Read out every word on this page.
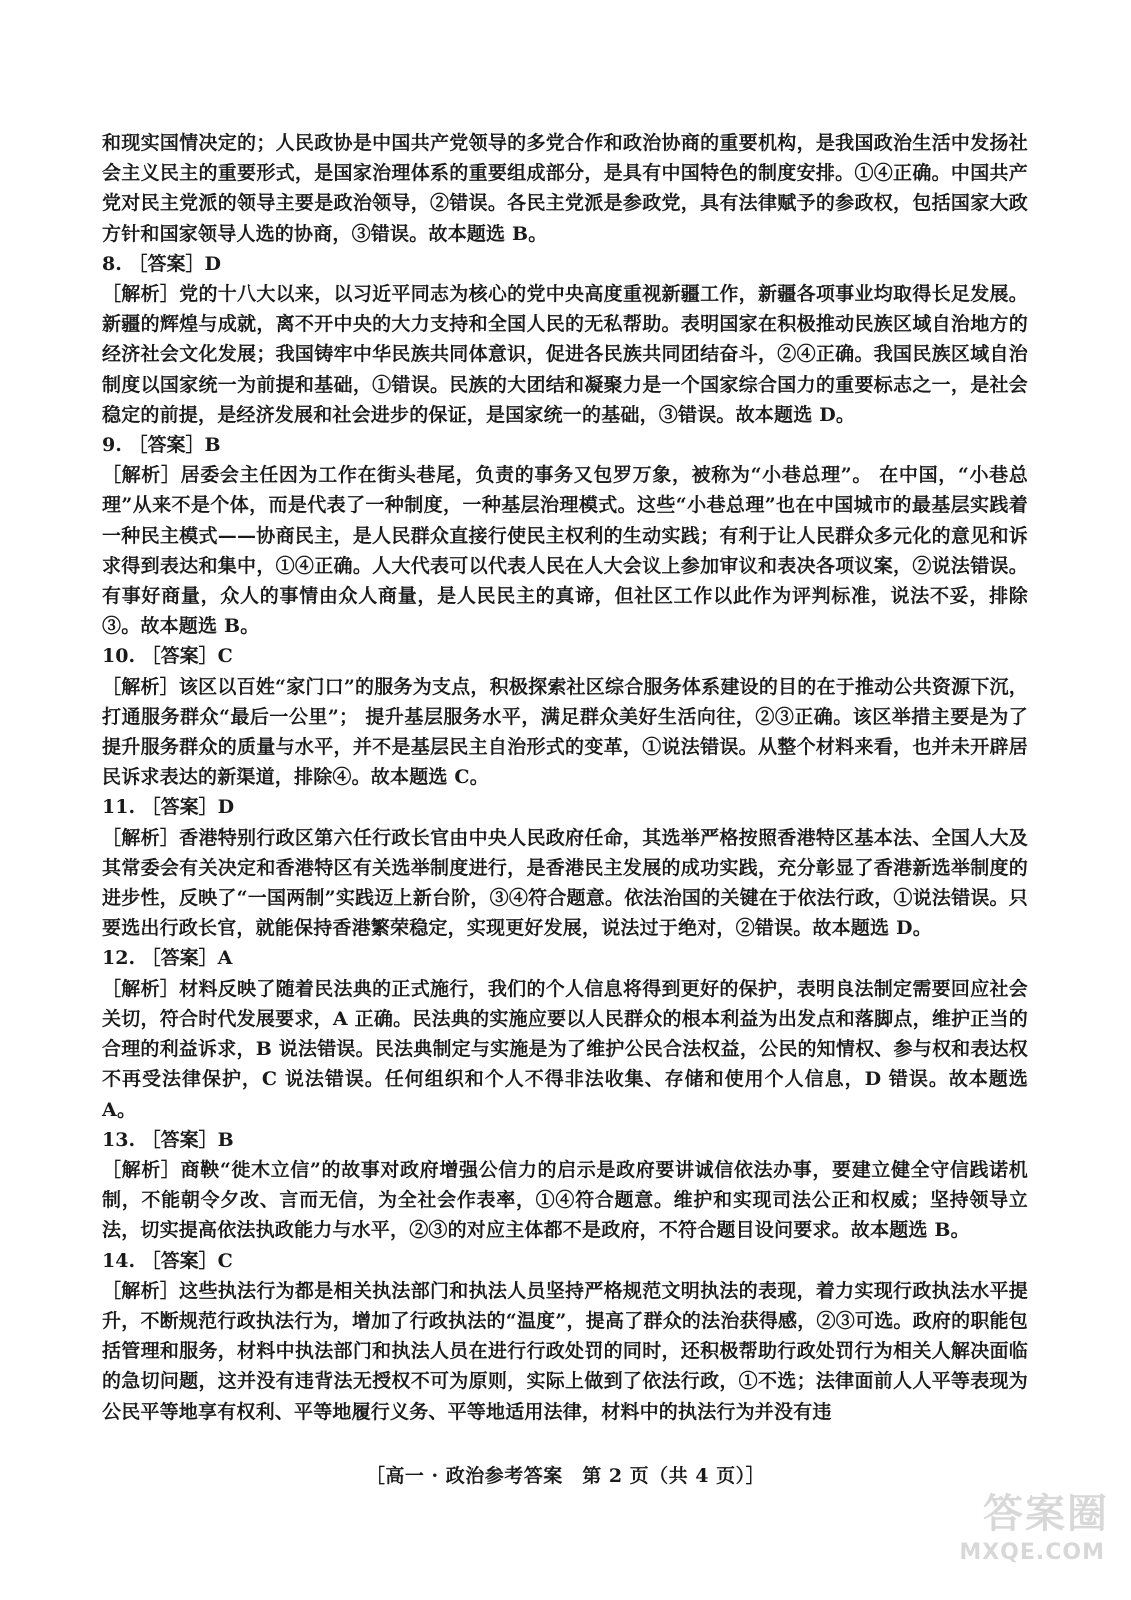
和现实国情决定的；人民政协是中国共产党领导的多党合作和政治协商的重要机构，是我国政治生活中发扬社会主义民主的重要形式，是国家治理体系的重要组成部分，是具有中国特色的制度安排。①④正确。中国共产党对民主党派的领导主要是政治领导，②错误。各民主党派是参政党，具有法律赋予的参政权，包括国家大政方针和国家领导人选的协商，③错误。故本题选 B。

8. ［答案］D

［解析］党的十八大以来，以习近平同志为核心的党中央高度重视新疆工作，新疆各项事业均取得长足发展。新疆的辉煌与成就，离不开中央的大力支持和全国人民的无私帮助。表明国家在积极推动民族区域自治地方的经济社会文化发展；我国铸牢中华民族共同体意识，促进各民族共同团结奋斗，②④正确。我国民族区域自治制度以国家统一为前提和基础，①错误。民族的大团结和凝聚力是一个国家综合国力的重要标志之一，是社会稳定的前提，是经济发展和社会进步的保证，是国家统一的基础，③错误。故本题选 D。

9. ［答案］B

［解析］居委会主任因为工作在街头巷尾，负责的事务又包罗万象，被称为“小巷总理”。 在中国，“小巷总理”从来不是个体，而是代表了一种制度，一种基层治理模式。这些“小巷总理”也在中国城市的最基层实践着一种民主模式——协商民主，是人民群众直接行使民主权利的生动实践；有利于让人民群众多元化的意见和诉求得到表达和集中，①④正确。人大代表可以代表人民在人大会议上参加审议和表决各项议案，②说法错误。有事好商量，众人的事情由众人商量，是人民民主的真谛，但社区工作以此作为评判标准，说法不妥，排除③。故本题选 B。

10. ［答案］C

［解析］该区以百姓“家门口”的服务为支点，积极探索社区综合服务体系建设的目的在于推动公共资源下沉，打通服务群众“最后一公里”； 提升基层服务水平，满足群众美好生活向往，②③正确。该区举措主要是为了提升服务群众的质量与水平，并不是基层民主自治形式的变革，①说法错误。从整个材料来看，也并未开辟居民诉求表达的新渠道，排除④。故本题选 C。

11. ［答案］D

［解析］香港特别行政区第六任行政长官由中央人民政府任命，其选举严格按照香港特区基本法、全国人大及其常委会有关决定和香港特区有关选举制度进行，是香港民主发展的成功实践，充分彰显了香港新选举制度的进步性，反映了“一国两制”实践迈上新台阶，③④符合题意。依法治国的关键在于依法行政，①说法错误。只要选出行政长官，就能保持香港繁荣稳定，实现更好发展，说法过于绝对，②错误。故本题选 D。

12. ［答案］A

［解析］材料反映了随着民法典的正式施行，我们的个人信息将得到更好的保护，表明良法制定需要回应社会关切，符合时代发展要求，A 正确。民法典的实施应要以人民群众的根本利益为出发点和落脚点，维护正当的合理的利益诉求，B 说法错误。民法典制定与实施是为了维护公民合法权益，公民的知情权、参与权和表达权不再受法律保护，C 说法错误。任何组织和个人不得非法收集、存储和使用个人信息，D 错误。故本题选 A。

13. ［答案］B

［解析］商鞅“徙木立信”的故事对政府增强公信力的启示是政府要讲诚信依法办事，要建立健全守信践诺机制，不能朝令夕改、言而无信，为全社会作表率，①④符合题意。维护和实现司法公正和权威；坚持领导立法，切实提高依法执政能力与水平，②③的对应主体都不是政府，不符合题目设问要求。故本题选 B。

14. ［答案］C

［解析］这些执法行为都是相关执法部门和执法人员坚持严格规范文明执法的表现，着力实现行政执法水平提升，不断规范行政执法行为，增加了行政执法的“温度”，提高了群众的法治获得感，②③可选。政府的职能包括管理和服务，材料中执法部门和执法人员在进行行政处罚的同时，还积极帮助行政处罚行为相关人解决面临的急切问题，这并没有违背法无授权不可为原则，实际上做到了依法行政，①不选；法律面前人人平等表现为公民平等地享有权利、平等地履行义务、平等地适用法律，材料中的执法行为并没有违

［高一 · 政治参考答案　第 2 页（共 4 页）］
答案圈
MXQE.COM
